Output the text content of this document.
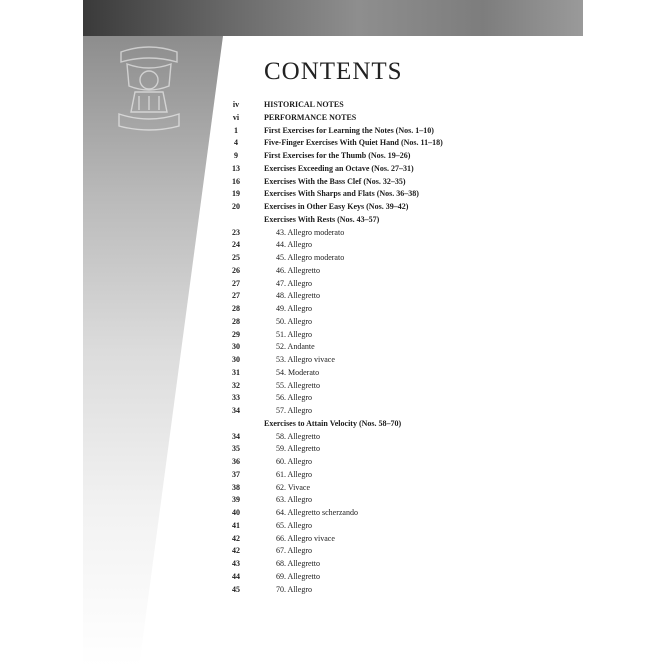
CONTENTS
iv	HISTORICAL NOTES
vi	PERFORMANCE NOTES
1	First Exercises for Learning the Notes (Nos. 1–10)
4	Five-Finger Exercises With Quiet Hand (Nos. 11–18)
9	First Exercises for the Thumb (Nos. 19–26)
13	Exercises Exceeding an Octave (Nos. 27–31)
16	Exercises With the Bass Clef (Nos. 32–35)
19	Exercises With Sharps and Flats (Nos. 36–38)
20	Exercises in Other Easy Keys (Nos. 39–42)
Exercises With Rests (Nos. 43–57)
23	43. Allegro moderato
24	44. Allegro
25	45. Allegro moderato
26	46. Allegretto
27	47. Allegro
27	48. Allegretto
28	49. Allegro
28	50. Allegro
29	51. Allegro
30	52. Andante
30	53. Allegro vivace
31	54. Moderato
32	55. Allegretto
33	56. Allegro
34	57. Allegro
Exercises to Attain Velocity (Nos. 58–70)
34	58. Allegretto
35	59. Allegretto
36	60. Allegro
37	61. Allegro
38	62. Vivace
39	63. Allegro
40	64. Allegretto scherzando
41	65. Allegro
42	66. Allegro vivace
42	67. Allegro
43	68. Allegretto
44	69. Allegretto
45	70. Allegro
